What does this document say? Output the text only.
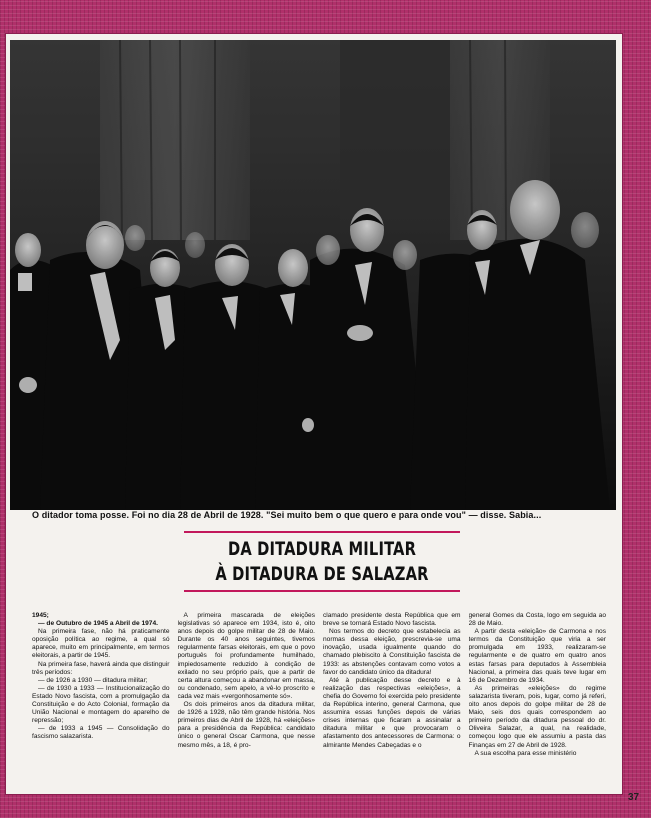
O ditador toma posse. Foi no dia 28 de Abril de 1928. "Sei muito bem o que quero e para onde vou" — disse. Sabia...
DA DITADURA MILITAR
À DITADURA DE SALAZAR

1945;

— de Outubro de 1945 a Abril de 1974.

Na primeira fase, não há praticamente oposição política ao regime, a qual só aparece, muito em principalmente, em termos eleitorais, a partir de 1945.

Na primeira fase, haverá ainda que distinguir três períodos:

— de 1926 a 1930 — ditadura militar;

— de 1930 a 1933 — Institucionalização do Estado Novo fascista, com a promulgação da Constituição e do Acto Colonial, formação da União Nacional e montagem do aparelho de repressão;

— de 1933 a 1945 — Consolidação do fascismo salazarista.

A primeira mascarada de eleições legislativas só aparece em 1934, isto é, oito anos depois do golpe militar de 28 de Maio. Durante os 40 anos seguintes, tivemos regularmente farsas eleitorais, em que o povo português foi profundamente humilhado, impiedosamente reduzido à condição de exilado no seu próprio país, que a partir de certa altura começou a abandonar em massa, ou condenado, sem apelo, a vê-lo proscrito e cada vez mais «vergonhosamente só».

Os dois primeiros anos da ditadura militar, de 1926 a 1928, não têm grande história. Nos primeiros dias de Abril de 1928, há «eleições» para a presidência da República: candidato único o general Oscar Carmona, que nesse mesmo mês, a 18, é pro-

clamado presidente desta República que em breve se tornará Estado Novo fascista.

Nos termos do decreto que estabelecia as normas dessa eleição, prescrevia-se uma inovação, usada igualmente quando do chamado plebiscito à Constituição fascista de 1933: as abstenções contavam como votos a favor do candidato único da ditadura!

Até à publicação desse decreto e à realização das respectivas «eleições», a chefia do Governo foi exercida pelo presidente da República interino, general Carmona, que assumira essas funções depois de várias crises internas que ficaram a assinalar a ditadura militar e que provocaram o afastamento dos antecessores de Carmona: o almirante Mendes Cabeçadas e o

general Gomes da Costa, logo em seguida ao 28 de Maio.

A partir desta «eleição» de Carmona e nos termos da Constituição que viria a ser promulgada em 1933, realizaram-se regularmente e de quatro em quatro anos estas farsas para deputados à Assembleia Nacional, a primeira das quais teve lugar em 16 de Dezembro de 1934.

As primeiras «eleições» do regime salazarista tiveram, pois, lugar, como já referi, oito anos depois do golpe militar de 28 de Maio, seis dos quais correspondem ao primeiro período da ditadura pessoal do dr. Oliveira Salazar, a qual, na realidade, começou logo que ele assumiu a pasta das Finanças em 27 de Abril de 1928.

A sua escolha para esse ministério

37
